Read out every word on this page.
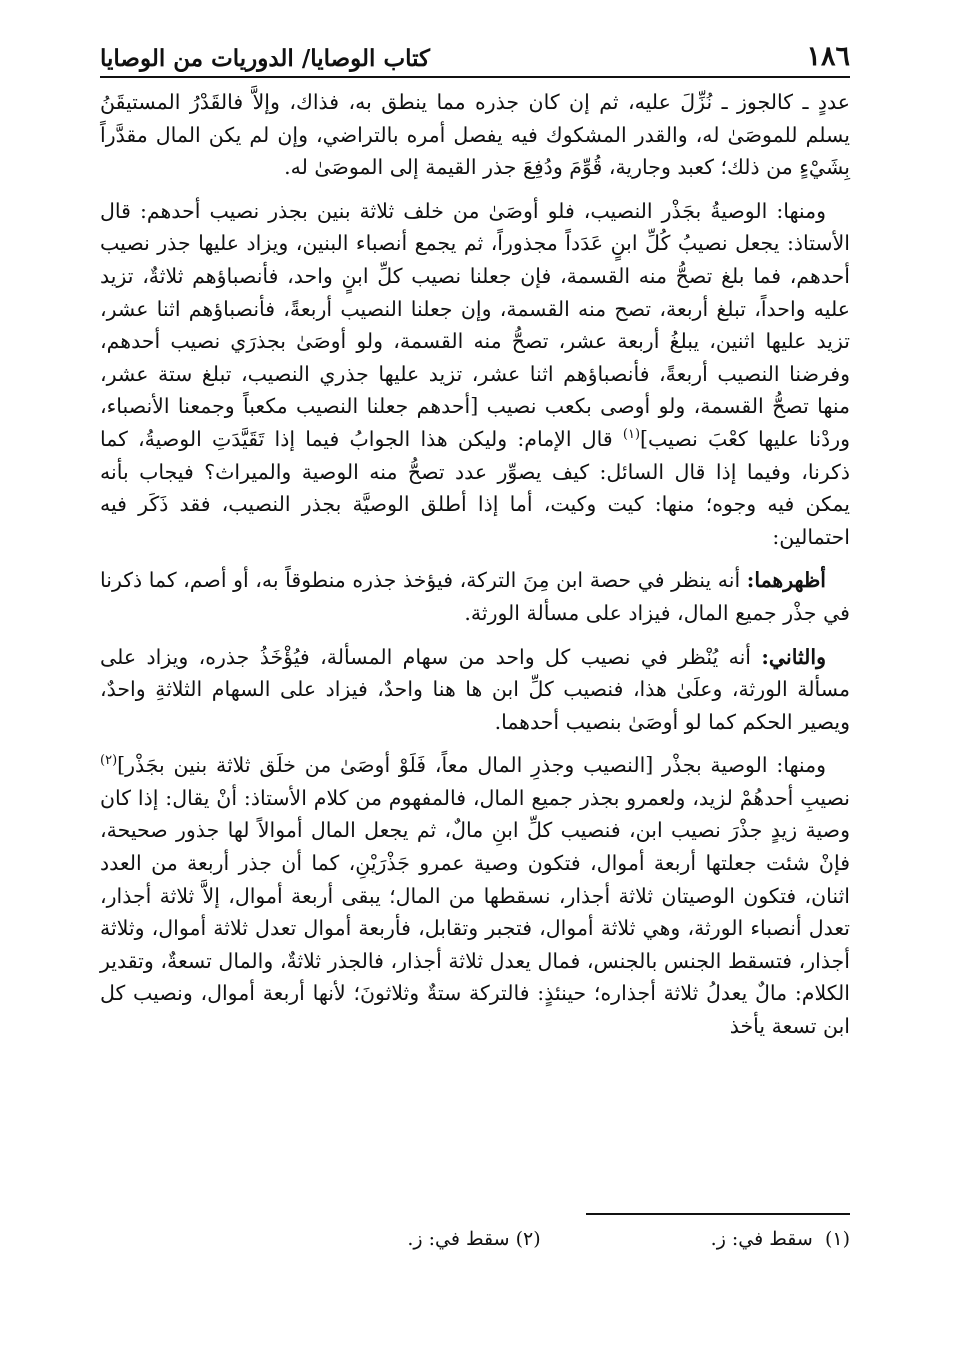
١٨٦
كتاب الوصايا/ الدوريات من الوصايا

عددٍ ـ كالجوز ـ نُزِّلَ عليه، ثم إن كان جذره مما ينطق به، فذاك، وإلاَّ فالقَدْرُ المستيقَنُ يسلم للموصَىٰ له، والقدر المشكوك فيه يفصل أمره بالتراضي، وإن لم يكن المال مقدَّراً بِشَيْءٍ من ذلك؛ كعبد وجارية، قُوِّمَ ودُفِعَ جذر القيمة إلى الموصَىٰ له.

ومنها: الوصيةُ بجَذْر النصيب، فلو أوصَىٰ من خلف ثلاثة بنين بجذر نصيب أحدهم: قال الأستاذ: يجعل نصيبُ كُلِّ ابنٍ عَدَداً مجذوراً، ثم يجمع أنصباء البنين، ويزاد عليها جذر نصيب أحدهم، فما بلغ تصحُّ منه القسمة، فإن جعلنا نصيب كلِّ ابنٍ واحد، فأنصباؤهم ثلاثةٌ، تزيد عليه واحداً، تبلغ أربعة، تصح منه القسمة، وإن جعلنا النصيب أربعةً، فأنصباؤهم اثنا عشر، تزيد عليها اثنين، يبلغُ أربعة عشر، تصحُّ منه القسمة، ولو أوصَىٰ بجذرَي نصيب أحدهم، وفرضنا النصيب أربعةً، فأنصباؤهم اثنا عشر، تزيد عليها جذري النصيب، تبلغ ستة عشر، منها تصحُّ القسمة، ولو أوصى بكعب نصيب [أحدهم جعلنا النصيب مكعباً وجمعنا الأنصباء، وردْنا عليها كعْبَ نصيب]$^{(١)}$ قال الإمام: وليكن هذا الجوابُ فيما إذا تَقَيَّدَتِ الوصيةُ، كما ذكرنا، وفيما إذا قال السائل: كيف يصوِّر عدد تصحُّ منه الوصية والميراث؟ فيجاب بأنه يمكن فيه وجوه؛ منها: كيت وكيت، أما إذا أطلق الوصيَّة بجذر النصيب، فقد ذَكَر فيه احتمالين:

أظهرهما: أنه ينظر في حصة ابن مِنَ التركة، فيؤخذ جذره منطوقاً به، أو أصم، كما ذكرنا في جذْر جميع المال، فيزاد على مسألة الورثة.

والثاني: أنه يُنْظر في نصيب كل واحد من سهام المسألة، فيُؤْخَذُ جذره، ويزاد على مسألة الورثة، وعلَىٰ هذا، فنصيب كلِّ ابن ها هنا واحدٌ، فيزاد على السهام الثلاثةِ واحدٌ، ويصير الحكم كما لو أوصَىٰ بنصيب أحدهما.

ومنها: الوصية بجذْر [النصيب وجذرِ المال معاً، فَلَوْ أوصَىٰ من خلَق ثلاثة بنين بجَذْر]$^{(٢)}$ نصيبِ أحدهُمْ لزيد، ولعمرو بجذر جميع المال، فالمفهوم من كلام الأستاذ: أنْ يقال: إذا كان وصية زيدٍ جذْرَ نصيب ابن، فنصيب كلِّ ابنِ مالٌ، ثم يجعل المال أموالاً لها جذور صحيحة، فإنْ شئت جعلتها أربعة أموال، فتكون وصية عمرو جَذْرَيْنِ، كما أن جذر أربعة من العدد اثنان، فتكون الوصيتان ثلاثة أجذار، نسقطها من المال؛ يبقى أربعة أموال، إلاَّ ثلاثة أجذار، تعدل أنصباء الورثة، وهي ثلاثة أموال، فتجبر وتقابل، فأربعة أموال تعدل ثلاثة أموال، وثلاثة أجذار، فتسقط الجنس بالجنس، فمال يعدل ثلاثة أجذار، فالجذر ثلاثةٌ، والمال تسعةٌ، وتقدير الكلام: مالٌ يعدلُ ثلاثة أجذاره؛ حينئذٍ: فالتركة ستةٌ وثلاثونَ؛ لأنها أربعة أموال، ونصيب كل ابن تسعة يأخذ

(١)  سقط في: ز.
(٢) سقط في: ز.
